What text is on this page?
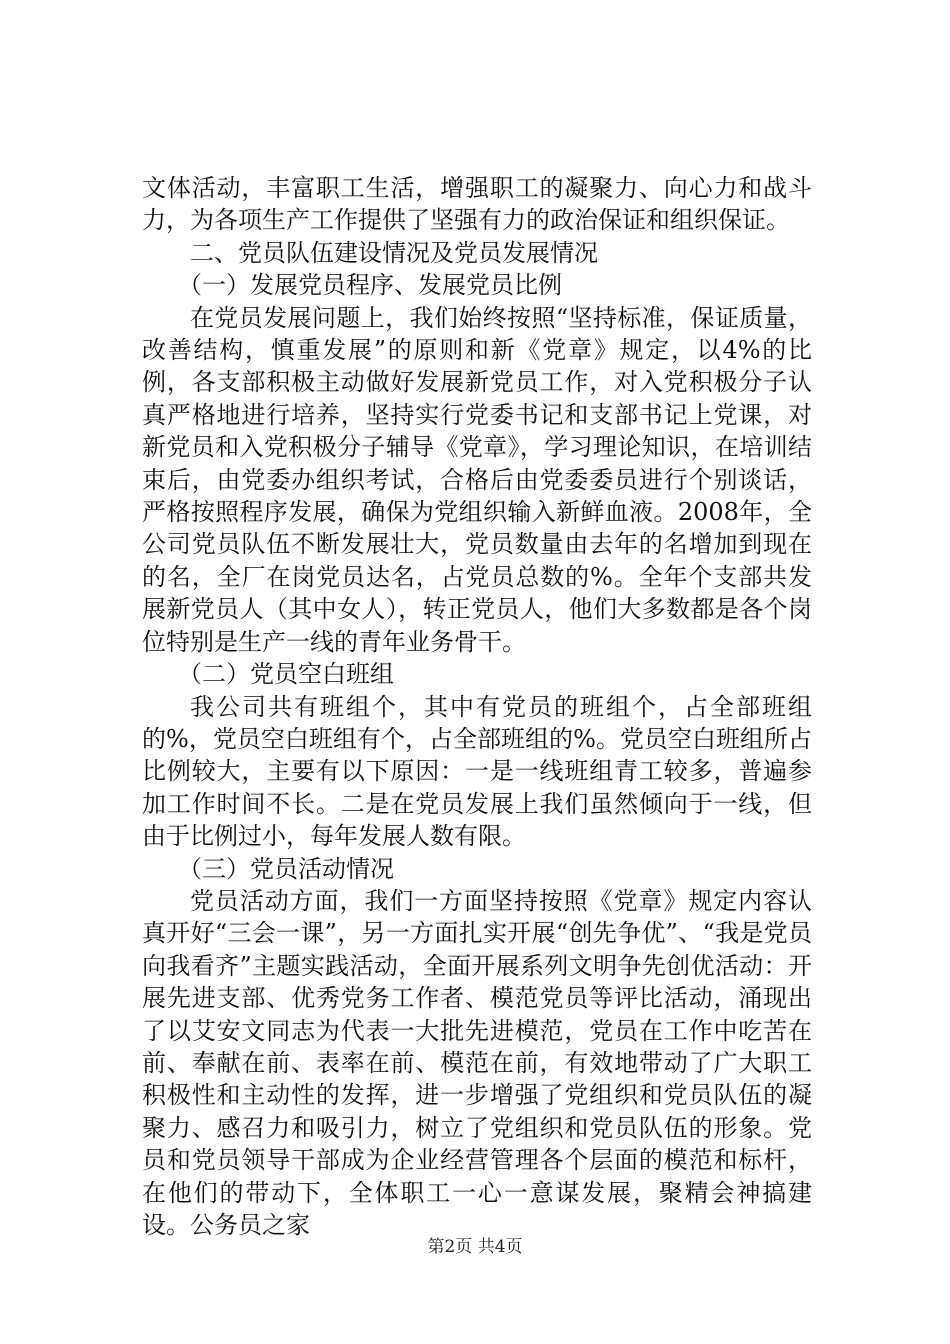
文体活动，丰富职工生活，增强职工的凝聚力、向心力和战斗力，为各项生产工作提供了坚强有力的政治保证和组织保证。

二、党员队伍建设情况及党员发展情况

（一）发展党员程序、发展党员比例

在党员发展问题上，我们始终按照“坚持标准，保证质量，改善结构，慎重发展”的原则和新《党章》规定，以4%的比例，各支部积极主动做好发展新党员工作，对入党积极分子认真严格地进行培养，坚持实行党委书记和支部书记上党课，对新党员和入党积极分子辅导《党章》，学习理论知识，在培训结束后，由党委办组织考试，合格后由党委委员进行个别谈话，严格按照程序发展，确保为党组织输入新鲜血液。2008年，全公司党员队伍不断发展壮大，党员数量由去年的名增加到现在的名，全厂在岗党员达名，占党员总数的%。全年个支部共发展新党员人（其中女人），转正党员人，他们大多数都是各个岗位特别是生产一线的青年业务骨干。

（二）党员空白班组

我公司共有班组个，其中有党员的班组个，占全部班组的%，党员空白班组有个，占全部班组的%。党员空白班组所占比例较大，主要有以下原因：一是一线班组青工较多，普遍参加工作时间不长。二是在党员发展上我们虽然倾向于一线，但由于比例过小，每年发展人数有限。

（三）党员活动情况

党员活动方面，我们一方面坚持按照《党章》规定内容认真开好“三会一课”，另一方面扎实开展“创先争优”、“我是党员向我看齐”主题实践活动，全面开展系列文明争先创优活动：开展先进支部、优秀党务工作者、模范党员等评比活动，涌现出了以艾安文同志为代表一大批先进模范，党员在工作中吃苦在前、奉献在前、表率在前、模范在前，有效地带动了广大职工积极性和主动性的发挥，进一步增强了党组织和党员队伍的凝聚力、感召力和吸引力，树立了党组织和党员队伍的形象。党员和党员领导干部成为企业经营管理各个层面的模范和标杆，在他们的带动下，全体职工一心一意谋发展，聚精会神搞建设。公务员之家

第2页 共4页
